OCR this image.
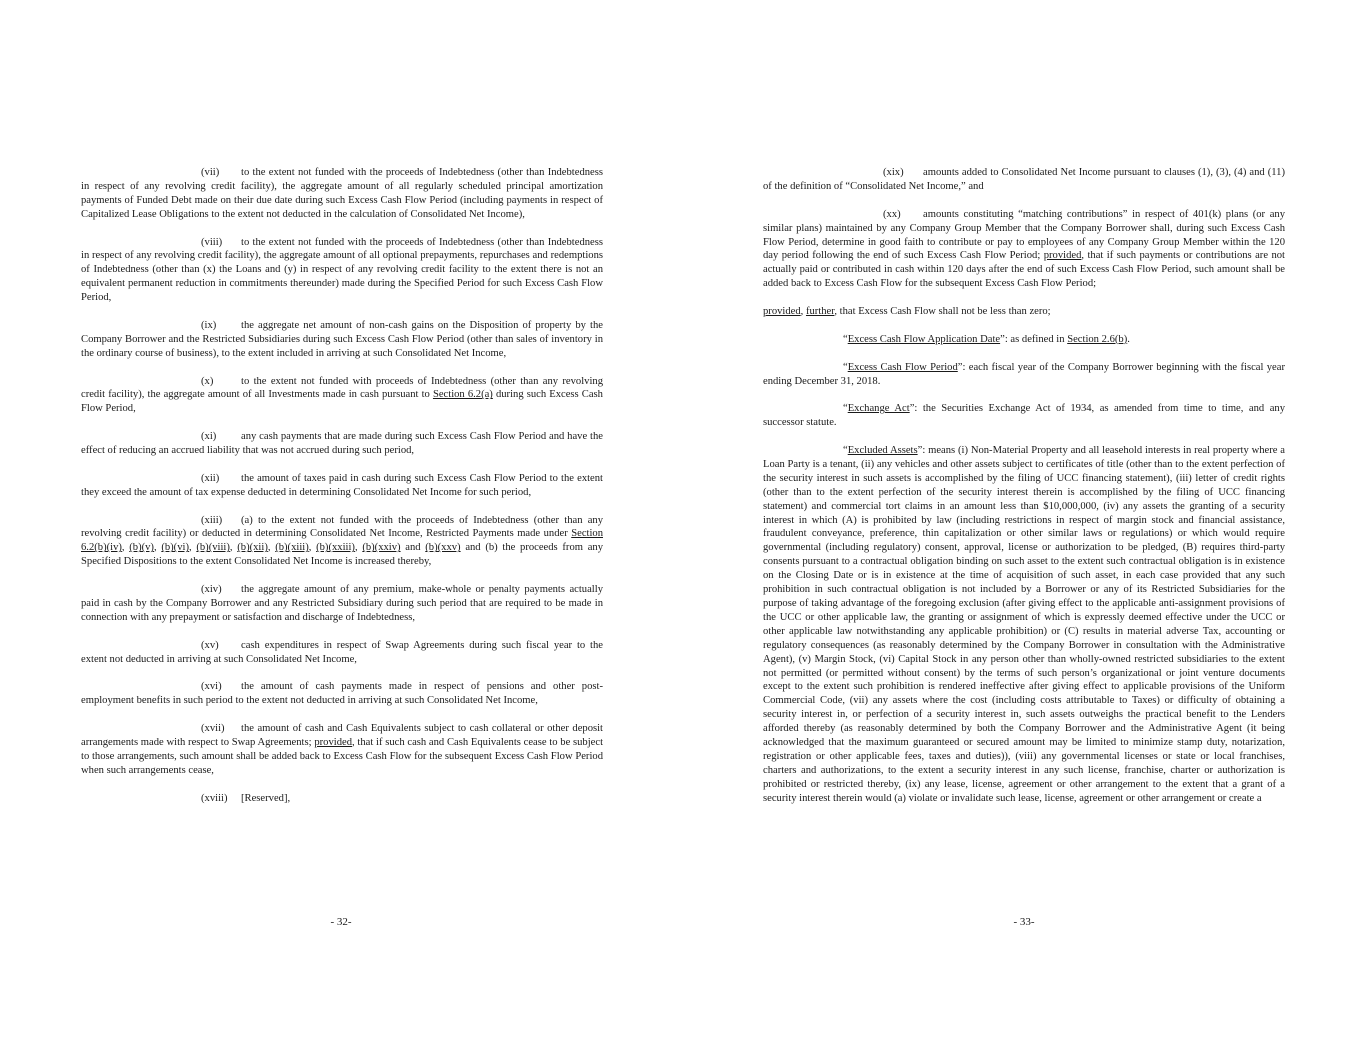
(vii) to the extent not funded with the proceeds of Indebtedness (other than Indebtedness in respect of any revolving credit facility), the aggregate amount of all regularly scheduled principal amortization payments of Funded Debt made on their due date during such Excess Cash Flow Period (including payments in respect of Capitalized Lease Obligations to the extent not deducted in the calculation of Consolidated Net Income),

(viii) to the extent not funded with the proceeds of Indebtedness (other than Indebtedness in respect of any revolving credit facility), the aggregate amount of all optional prepayments, repurchases and redemptions of Indebtedness (other than (x) the Loans and (y) in respect of any revolving credit facility to the extent there is not an equivalent permanent reduction in commitments thereunder) made during the Specified Period for such Excess Cash Flow Period,

(ix) the aggregate net amount of non-cash gains on the Disposition of property by the Company Borrower and the Restricted Subsidiaries during such Excess Cash Flow Period (other than sales of inventory in the ordinary course of business), to the extent included in arriving at such Consolidated Net Income,

(x)	to the extent not funded with proceeds of Indebtedness (other than any revolving credit facility), the aggregate amount of all Investments made in cash pursuant to Section 6.2(a) during such Excess Cash Flow Period,

(xi) any cash payments that are made during such Excess Cash Flow Period and have the effect of reducing an accrued liability that was not accrued during such period,

(xii) the amount of taxes paid in cash during such Excess Cash Flow Period to the extent they exceed the amount of tax expense deducted in determining Consolidated Net Income for such period,

(xiii) (a) to the extent not funded with the proceeds of Indebtedness (other than any revolving credit facility) or deducted in determining Consolidated Net Income, Restricted Payments made under Section 6.2(b)(iv), (b)(v), (b)(vi), (b)(viii), (b)(xii), (b)(xiii), (b)(xxiii), (b)(xxiv) and (b)(xxv) and (b) the proceeds from any Specified Dispositions to the extent Consolidated Net Income is increased thereby,

(xiv) the aggregate amount of any premium, make-whole or penalty payments actually paid in cash by the Company Borrower and any Restricted Subsidiary during such period that are required to be made in connection with any prepayment or satisfaction and discharge of Indebtedness,

(xv) cash expenditures in respect of Swap Agreements during such fiscal year to the extent not deducted in arriving at such Consolidated Net Income,

(xvi) the amount of cash payments made in respect of pensions and other post-employment benefits in such period to the extent not deducted in arriving at such Consolidated Net Income,

(xvii) the amount of cash and Cash Equivalents subject to cash collateral or other deposit arrangements made with respect to Swap Agreements; provided, that if such cash and Cash Equivalents cease to be subject to those arrangements, such amount shall be added back to Excess Cash Flow for the subsequent Excess Cash Flow Period when such arrangements cease,

(xviii) [Reserved],

- 32-

(xix) amounts added to Consolidated Net Income pursuant to clauses (1), (3), (4) and (11) of the definition of “Consolidated Net Income,” and

(xx) amounts constituting “matching contributions” in respect of 401(k) plans (or any similar plans) maintained by any Company Group Member that the Company Borrower shall, during such Excess Cash Flow Period, determine in good faith to contribute or pay to employees of any Company Group Member within the 120 day period following the end of such Excess Cash Flow Period; provided, that if such payments or contributions are not actually paid or contributed in cash within 120 days after the end of such Excess Cash Flow Period, such amount shall be added back to Excess Cash Flow for the subsequent Excess Cash Flow Period;

provided, further, that Excess Cash Flow shall not be less than zero;

“Excess Cash Flow Application Date”: as defined in Section 2.6(b).

“Excess Cash Flow Period”: each fiscal year of the Company Borrower beginning with the fiscal year ending December 31, 2018.

“Exchange Act”: the Securities Exchange Act of 1934, as amended from time to time, and any successor statute.

“Excluded Assets”: means (i) Non-Material Property and all leasehold interests in real property where a Loan Party is a tenant, (ii) any vehicles and other assets subject to certificates of title (other than to the extent perfection of the security interest in such assets is accomplished by the filing of UCC financing statement), (iii) letter of credit rights (other than to the extent perfection of the security interest therein is accomplished by the filing of UCC financing statement) and commercial tort claims in an amount less than $10,000,000, (iv) any assets the granting of a security interest in which (A) is prohibited by law (including restrictions in respect of margin stock and financial assistance, fraudulent conveyance, preference, thin capitalization or other similar laws or regulations) or which would require governmental (including regulatory) consent, approval, license or authorization to be pledged, (B) requires third-party consents pursuant to a contractual obligation binding on such asset to the extent such contractual obligation is in existence on the Closing Date or is in existence at the time of acquisition of such asset, in each case provided that any such prohibition in such contractual obligation is not included by a Borrower or any of its Restricted Subsidiaries for the purpose of taking advantage of the foregoing exclusion (after giving effect to the applicable anti-assignment provisions of the UCC or other applicable law, the granting or assignment of which is expressly deemed effective under the UCC or other applicable law notwithstanding any applicable prohibition) or (C) results in material adverse Tax, accounting or regulatory consequences (as reasonably determined by the Company Borrower in consultation with the Administrative Agent), (v) Margin Stock, (vi) Capital Stock in any person other than wholly-owned restricted subsidiaries to the extent not permitted (or permitted without consent) by the terms of such person’s organizational or joint venture documents except to the extent such prohibition is rendered ineffective after giving effect to applicable provisions of the Uniform Commercial Code, (vii) any assets where the cost (including costs attributable to Taxes) or difficulty of obtaining a security interest in, or perfection of a security interest in, such assets outweighs the practical benefit to the Lenders afforded thereby (as reasonably determined by both the Company Borrower and the Administrative Agent (it being acknowledged that the maximum guaranteed or secured amount may be limited to minimize stamp duty, notarization, registration or other applicable fees, taxes and duties)), (viii) any governmental licenses or state or local franchises, charters and authorizations, to the extent a security interest in any such license, franchise, charter or authorization is prohibited or restricted thereby, (ix) any lease, license, agreement or other arrangement to the extent that a grant of a security interest therein would (a) violate or invalidate such lease, license, agreement or other arrangement or create a

- 33-
